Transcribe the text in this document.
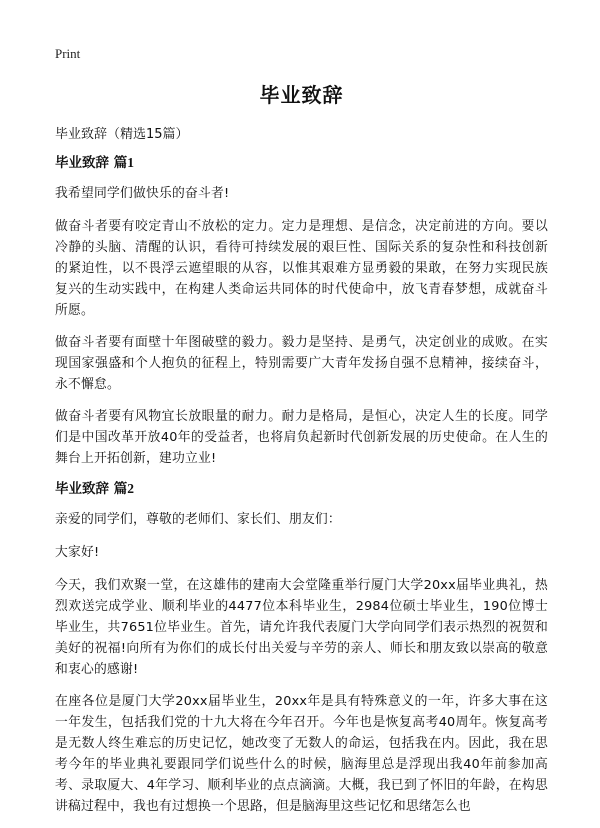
Print
毕业致辞

毕业致辞（精选15篇）

毕业致辞 篇1

我希望同学们做快乐的奋斗者!

做奋斗者要有咬定青山不放松的定力。定力是理想、是信念，决定前进的方向。要以冷静的头脑、清醒的认识，看待可持续发展的艰巨性、国际关系的复杂性和科技创新的紧迫性，以不畏浮云遮望眼的从容，以惟其艰难方显勇毅的果敢，在努力实现民族复兴的生动实践中，在构建人类命运共同体的时代使命中，放飞青春梦想，成就奋斗所愿。

做奋斗者要有面壁十年图破壁的毅力。毅力是坚持、是勇气，决定创业的成败。在实现国家强盛和个人抱负的征程上，特别需要广大青年发扬自强不息精神，接续奋斗，永不懈怠。

做奋斗者要有风物宜长放眼量的耐力。耐力是格局，是恒心，决定人生的长度。同学们是中国改革开放40年的受益者，也将肩负起新时代创新发展的历史使命。在人生的舞台上开拓创新，建功立业!

毕业致辞 篇2

亲爱的同学们，尊敬的老师们、家长们、朋友们：

大家好!

今天，我们欢聚一堂，在这雄伟的建南大会堂隆重举行厦门大学20xx届毕业典礼，热烈欢送完成学业、顺利毕业的4477位本科毕业生，2984位硕士毕业生，190位博士毕业生，共7651位毕业生。首先，请允许我代表厦门大学向同学们表示热烈的祝贺和美好的祝福!向所有为你们的成长付出关爱与辛劳的亲人、师长和朋友致以崇高的敬意和衷心的感谢!

在座各位是厦门大学20xx届毕业生，20xx年是具有特殊意义的一年，许多大事在这一年发生，包括我们党的十九大将在今年召开。今年也是恢复高考40周年。恢复高考是无数人终生难忘的历史记忆，她改变了无数人的命运，包括我在内。因此，我在思考今年的毕业典礼要跟同学们说些什么的时候，脑海里总是浮现出我40年前参加高考、录取厦大、4年学习、顺利毕业的点点滴滴。大概，我已到了怀旧的年龄，在构思讲稿过程中，我也有过想换一个思路，但是脑海里这些记忆和思绪怎么也
